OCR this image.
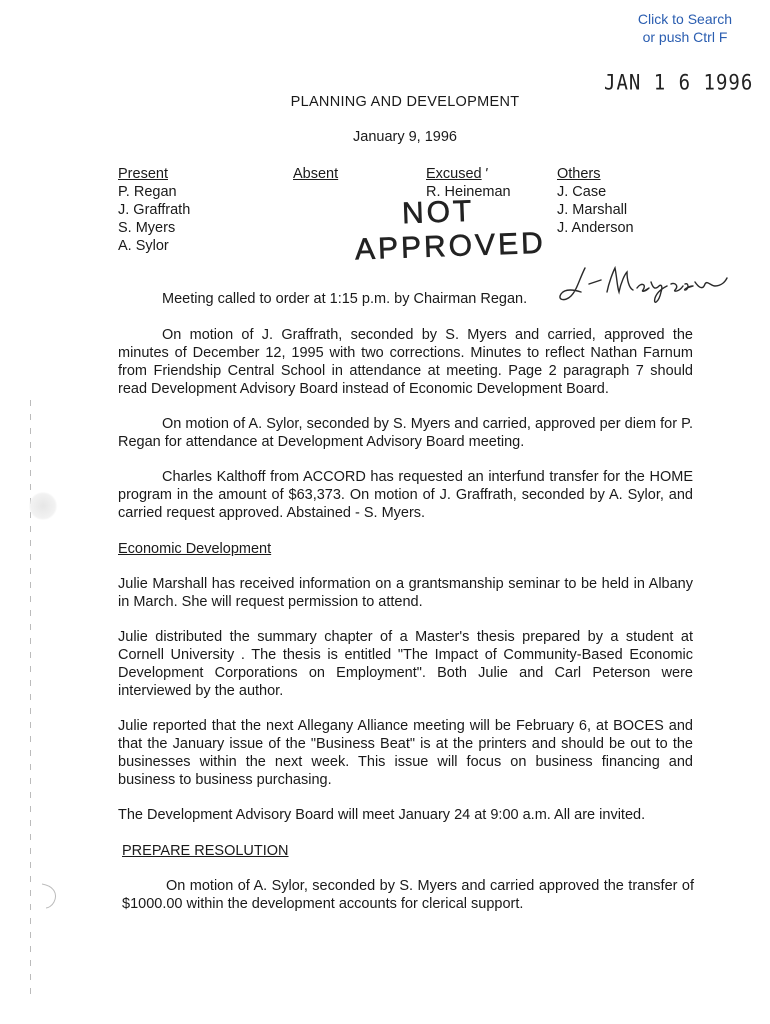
Click to Search
or push Ctrl F
JAN 1 6 1996
PLANNING AND DEVELOPMENT
January 9, 1996
Present
P. Regan
J. Graffrath
S. Myers
A. Sylor
Absent	Excused '
R. Heineman
Others
J. Case
J. Marshall
J. Anderson
NOT
APPROVED
Meeting called to order at 1:15 p.m. by Chairman Regan.
On motion of J. Graffrath, seconded by S. Myers and carried, approved the minutes of December 12, 1995 with two corrections. Minutes to reflect Nathan Farnum from Friendship Central School in attendance at meeting. Page 2 paragraph 7 should read Development Advisory Board instead of Economic Development Board.
On motion of A. Sylor, seconded by S. Myers and carried, approved per diem for P. Regan for attendance at Development Advisory Board meeting.
Charles Kalthoff from ACCORD has requested an interfund transfer for the HOME program in the amount of $63,373. On motion of J. Graffrath, seconded by A. Sylor, and carried request approved. Abstained - S. Myers.
Economic Development
Julie Marshall has received information on a grantsmanship seminar to be held in Albany in March. She will request permission to attend.
Julie distributed the summary chapter of a Master's thesis prepared by a student at Cornell University . The thesis is entitled "The Impact of Community-Based Economic Development Corporations on Employment". Both Julie and Carl Peterson were interviewed by the author.
Julie reported that the next Allegany Alliance meeting will be February 6, at BOCES and that the January issue of the "Business Beat" is at the printers and should be out to the businesses within the next week. This issue will focus on business financing and business to business purchasing.
The Development Advisory Board will meet January 24 at 9:00 a.m. All are invited.
PREPARE RESOLUTION
On motion of A. Sylor, seconded by S. Myers and carried approved the transfer of $1000.00 within the development accounts for clerical support.
